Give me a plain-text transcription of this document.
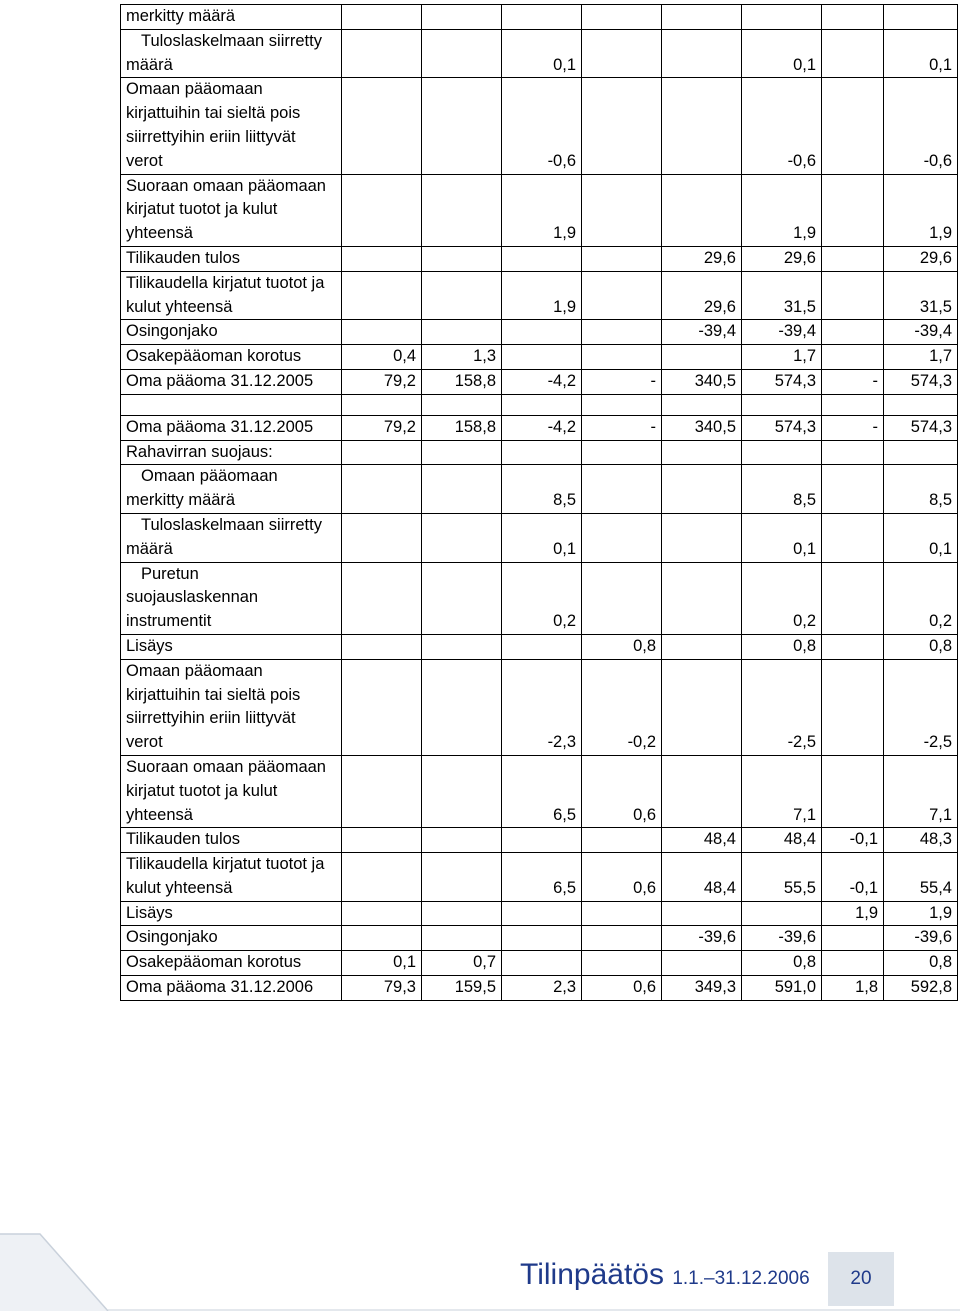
merkitty määrä								

Tuloslaskelmaan siirretty
määrä			0,1			0,1		0,1

Omaan pääomaan
kirjattuihin tai sieltä pois
siirrettyihin eriin liittyvät
verot			-0,6			-0,6		-0,6

Suoraan omaan pääomaan
kirjatut tuotot ja kulut
yhteensä			1,9			1,9		1,9

Tilikauden tulos					29,6	29,6		29,6

Tilikaudella kirjatut tuotot ja
kulut yhteensä			1,9		29,6	31,5		31,5

Osingonjako					-39,4	-39,4		-39,4

Osakepääoman korotus	0,4	1,3				1,7		1,7

Oma pääoma 31.12.2005	79,2	158,8	-4,2	-	340,5	574,3	-	574,3

Oma pääoma 31.12.2005	79,2	158,8	-4,2	-	340,5	574,3	-	574,3

Rahavirran suojaus:								

Omaan pääomaan
merkitty määrä			8,5			8,5		8,5

Tuloslaskelmaan siirretty
määrä			0,1			0,1		0,1

Puretun
suojauslaskennan
instrumentit			0,2			0,2		0,2

Lisäys				0,8		0,8		0,8

Omaan pääomaan
kirjattuihin tai sieltä pois
siirrettyihin eriin liittyvät
verot			-2,3	-0,2		-2,5		-2,5

Suoraan omaan pääomaan
kirjatut tuotot ja kulut
yhteensä			6,5	0,6		7,1		7,1

Tilikauden tulos					48,4	48,4	-0,1	48,3

Tilikaudella kirjatut tuotot ja
kulut yhteensä			6,5	0,6	48,4	55,5	-0,1	55,4

Lisäys							1,9	1,9

Osingonjako					-39,6	-39,6		-39,6

Osakepääoman korotus	0,1	0,7				0,8		0,8

Oma pääoma 31.12.2006	79,3	159,5	2,3	0,6	349,3	591,0	1,8	592,8
Tilinpäätös 1.1.–31.12.2006	20
